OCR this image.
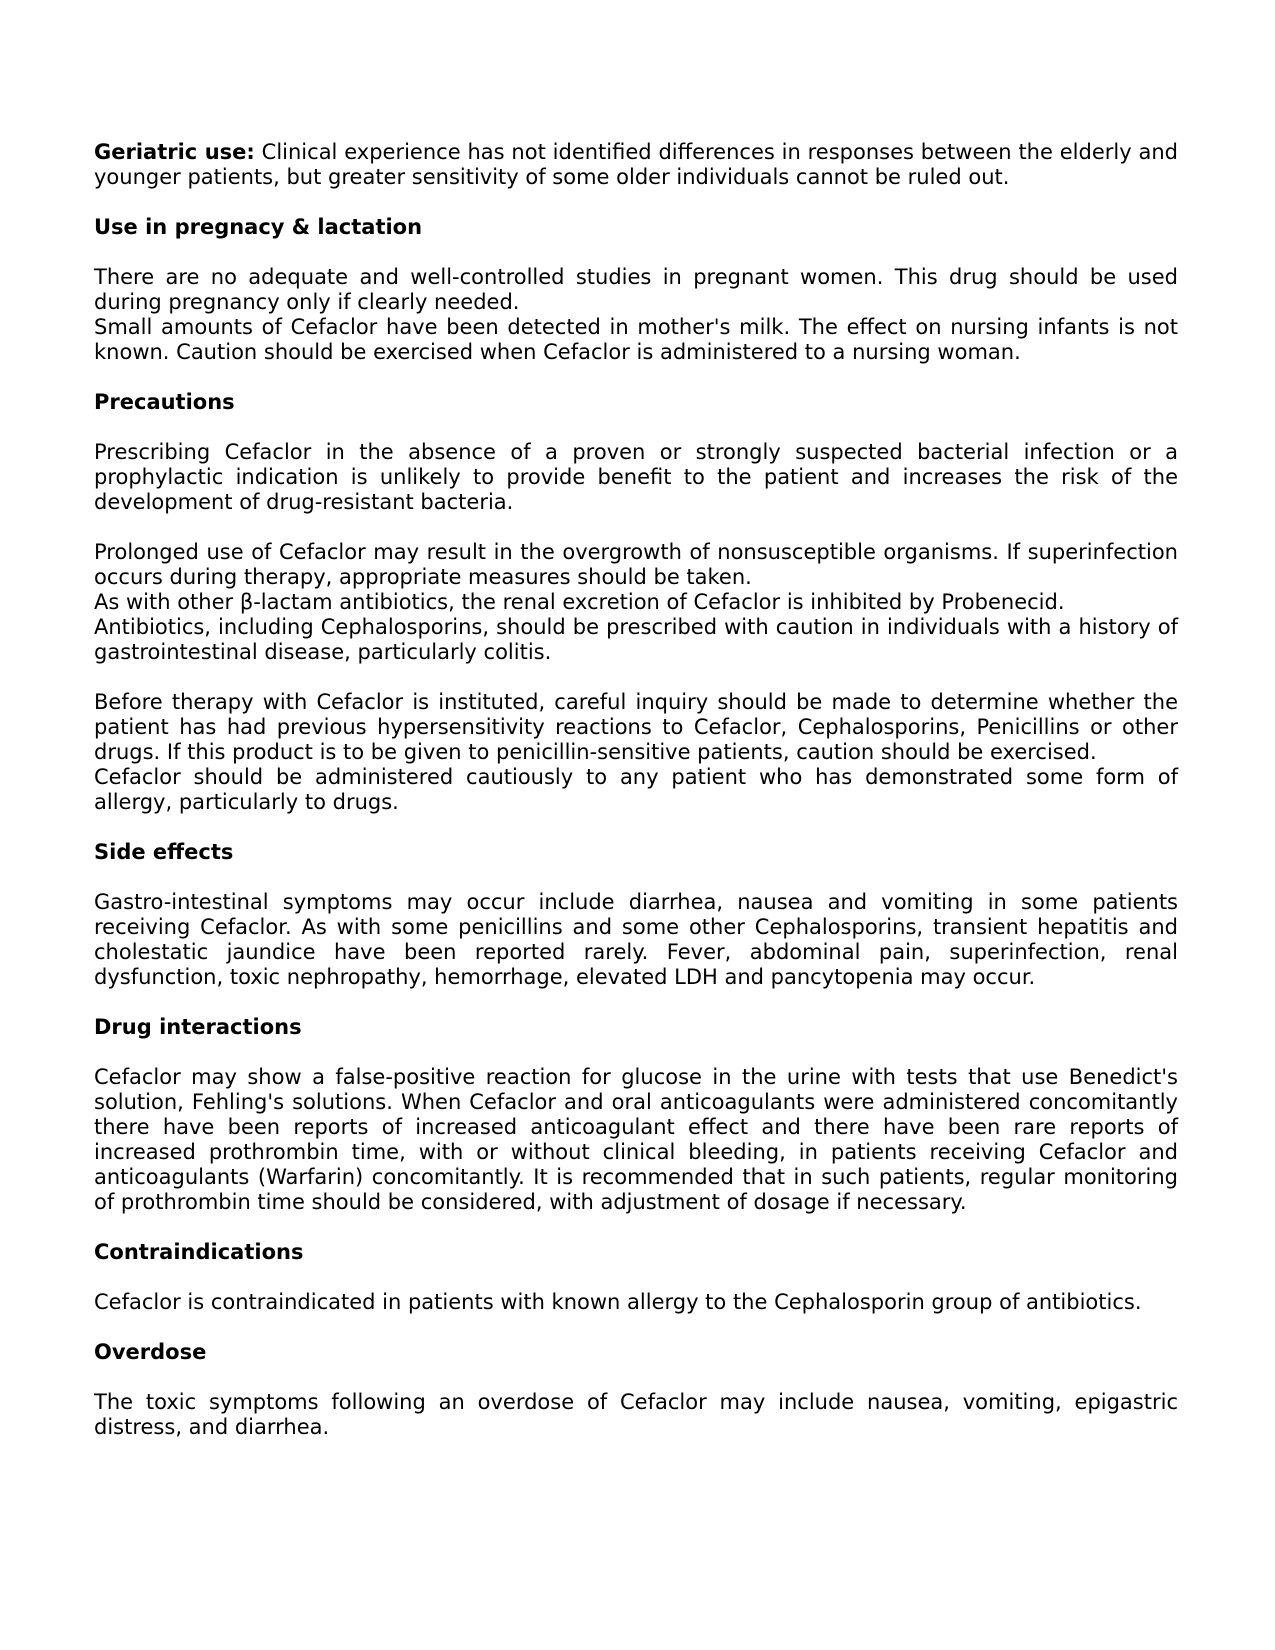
Geriatric use: Clinical experience has not identified differences in responses between the elderly and younger patients, but greater sensitivity of some older individuals cannot be ruled out.

Use in pregnacy & lactation

There are no adequate and well-controlled studies in pregnant women. This drug should be used during pregnancy only if clearly needed.

Small amounts of Cefaclor have been detected in mother's milk. The effect on nursing infants is not known. Caution should be exercised when Cefaclor is administered to a nursing woman.

Precautions

Prescribing Cefaclor in the absence of a proven or strongly suspected bacterial infection or a prophylactic indication is unlikely to provide benefit to the patient and increases the risk of the development of drug-resistant bacteria.

Prolonged use of Cefaclor may result in the overgrowth of nonsusceptible organisms. If superinfection occurs during therapy, appropriate measures should be taken.

As with other β-lactam antibiotics, the renal excretion of Cefaclor is inhibited by Probenecid.

Antibiotics, including Cephalosporins, should be prescribed with caution in individuals with a history of gastrointestinal disease, particularly colitis.

Before therapy with Cefaclor is instituted, careful inquiry should be made to determine whether the patient has had previous hypersensitivity reactions to Cefaclor, Cephalosporins, Penicillins or other drugs. If this product is to be given to penicillin-sensitive patients, caution should be exercised.

Cefaclor should be administered cautiously to any patient who has demonstrated some form of allergy, particularly to drugs.

Side effects

Gastro-intestinal symptoms may occur include diarrhea, nausea and vomiting in some patients receiving Cefaclor. As with some penicillins and some other Cephalosporins, transient hepatitis and cholestatic jaundice have been reported rarely. Fever, abdominal pain, superinfection, renal dysfunction, toxic nephropathy, hemorrhage, elevated LDH and pancytopenia may occur.

Drug interactions

Cefaclor may show a false-positive reaction for glucose in the urine with tests that use Benedict's solution, Fehling's solutions. When Cefaclor and oral anticoagulants were administered concomitantly there have been reports of increased anticoagulant effect and there have been rare reports of increased prothrombin time, with or without clinical bleeding, in patients receiving Cefaclor and anticoagulants (Warfarin) concomitantly. It is recommended that in such patients, regular monitoring of prothrombin time should be considered, with adjustment of dosage if necessary.

Contraindications

Cefaclor is contraindicated in patients with known allergy to the Cephalosporin group of antibiotics.

Overdose

The toxic symptoms following an overdose of Cefaclor may include nausea, vomiting, epigastric distress, and diarrhea.
